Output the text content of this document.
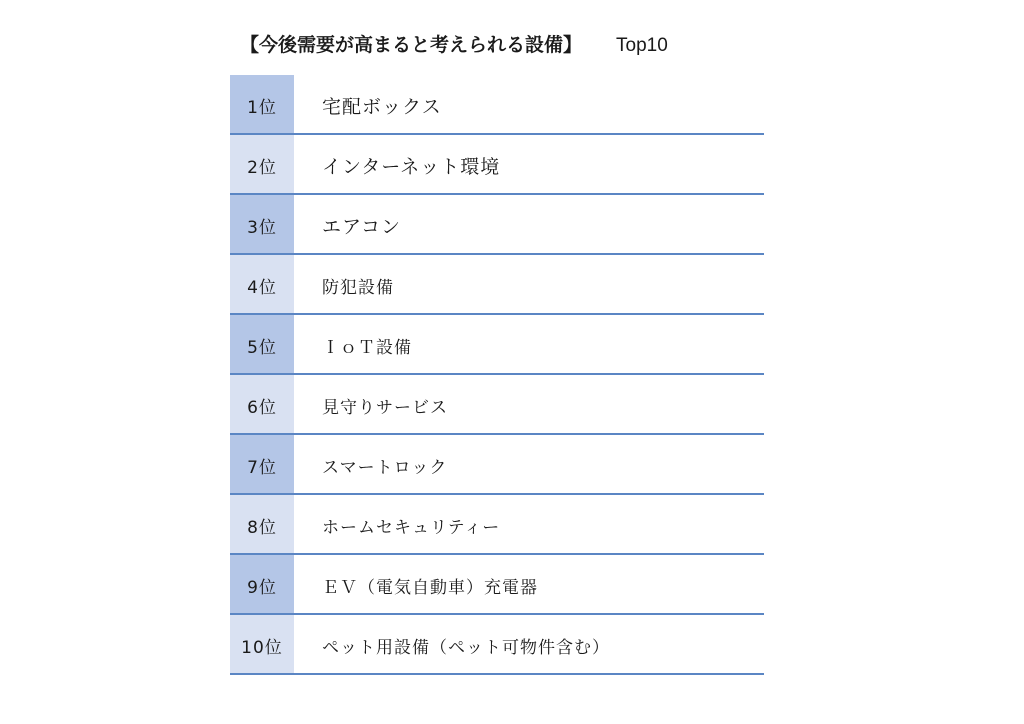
【今後需要が高まると考えられる設備】 Top10
1位	宅配ボックス
2位	インターネット環境
3位	エアコン
4位	防犯設備
5位	ＩｏＴ設備
6位	見守りサービス
7位	スマートロック
8位	ホームセキュリティー
9位	ＥＶ（電気自動車）充電器
10位	ペット用設備（ペット可物件含む）
